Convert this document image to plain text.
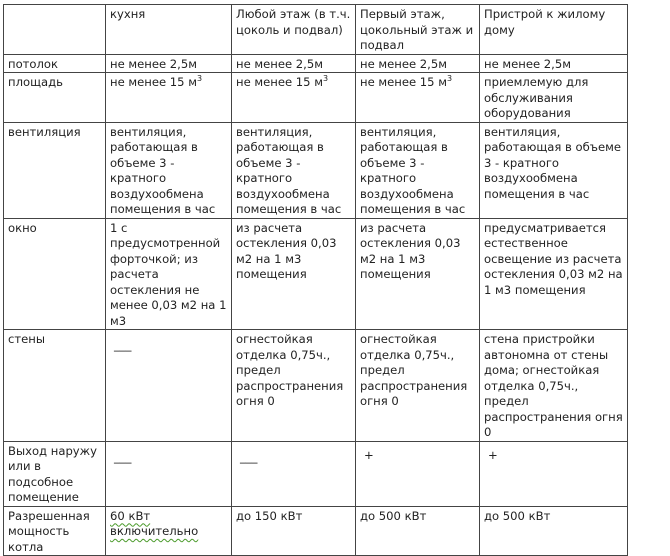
	кухня	Любой этаж (в т.ч. цоколь и подвал)	Первый этаж, цокольный этаж и подвал	Пристрой к жилому дому
потолок	не менее 2,5м	не менее 2,5м	не менее 2,5м	не менее 2,5м
площадь	не менее 15 $м^3$	не менее 15 $м^3$	не менее 15 $м^3$	приемлемую для обслуживания оборудования
вентиляция	вентиляция, работающая в объеме 3 - кратного воздухообмена помещения в час	вентиляция, работающая в объеме 3 - кратного воздухообмена помещения в час	вентиляция, работающая в объеме 3 - кратного воздухообмена помещения в час	вентиляция, работающая в объеме 3 - кратного воздухообмена помещения в час
окно	1 с предусмотренной форточкой; из расчета остекления не менее 0,03 м2 на 1 м3	из расчета остекления 0,03 м2 на 1 м3 помещения	из расчета остекления 0,03 м2 на 1 м3 помещения	предусматривается естественное освещение из расчета остекления 0,03 м2 на 1 м3 помещения
стены	___	огнестойкая отделка 0,75ч., предел распространения огня 0	огнестойкая отделка 0,75ч., предел распространения огня 0	стена пристройки автономна от стены дома; огнестойкая отделка 0,75ч., предел распространения огня 0
Выход наружу или в подсобное помещение	___	___	+	+

Разрешенная мощность котла	60 кВт включительно	до 150 кВт	до 500 кВт	до 500 кВт
